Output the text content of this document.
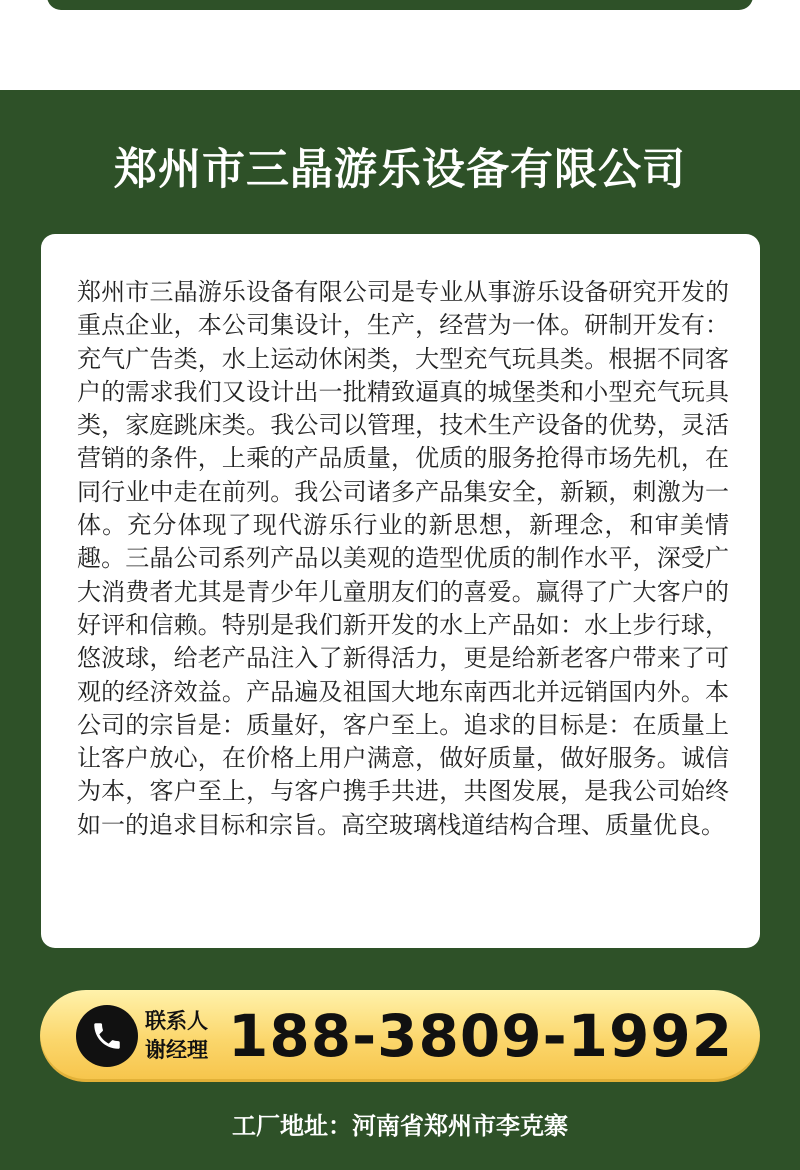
郑州市三晶游乐设备有限公司

郑州市三晶游乐设备有限公司是专业从事游乐设备研究开发的重点企业，本公司集设计，生产，经营为一体。研制开发有：充气广告类，水上运动休闲类，大型充气玩具类。根据不同客户的需求我们又设计出一批精致逼真的城堡类和小型充气玩具类，家庭跳床类。我公司以管理，技术生产设备的优势，灵活营销的条件，上乘的产品质量，优质的服务抢得市场先机，在同行业中走在前列。我公司诸多产品集安全，新颖，刺激为一体。充分体现了现代游乐行业的新思想，新理念，和审美情趣。三晶公司系列产品以美观的造型优质的制作水平，深受广大消费者尤其是青少年儿童朋友们的喜爱。赢得了广大客户的好评和信赖。特别是我们新开发的水上产品如：水上步行球，悠波球，给老产品注入了新得活力，更是给新老客户带来了可观的经济效益。产品遍及祖国大地东南西北并远销国内外。本公司的宗旨是：质量好，客户至上。追求的目标是：在质量上让客户放心，在价格上用户满意，做好质量，做好服务。诚信为本，客户至上，与客户携手共进，共图发展，是我公司始终如一的追求目标和宗旨。高空玻璃栈道结构合理、质量优良。

联系人
谢经理 188-3809-1992
工厂地址：河南省郑州市李克寨
